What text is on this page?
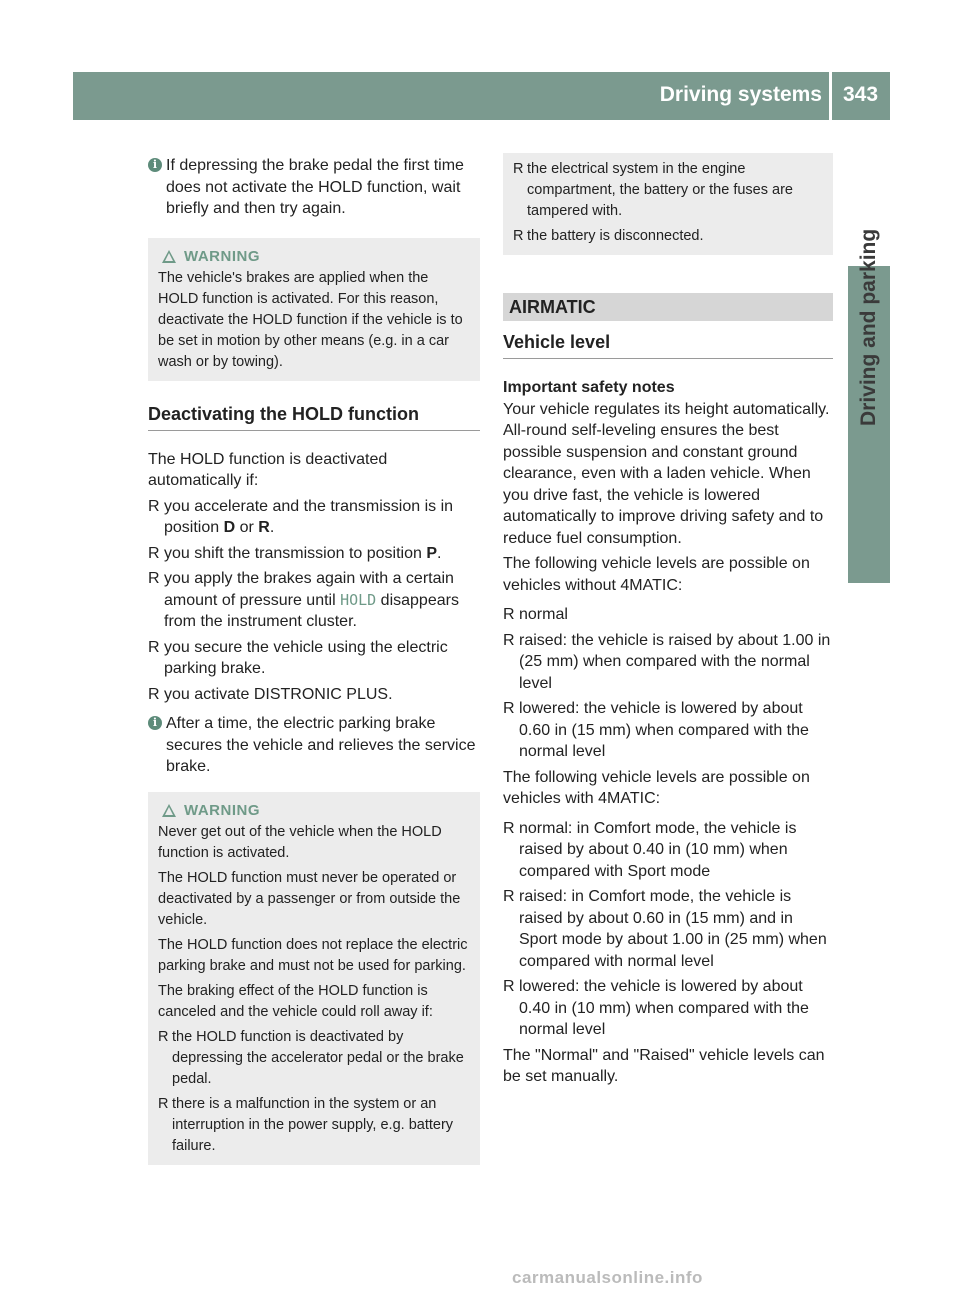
Driving systems 343
Driving and parking

i If depressing the brake pedal the first time does not activate the HOLD function, wait briefly and then try again.

WARNING

The vehicle's brakes are applied when the HOLD function is activated. For this reason, deactivate the HOLD function if the vehicle is to be set in motion by other means (e.g. in a car wash or by towing).

Deactivating the HOLD function

The HOLD function is deactivated automatically if:

R you accelerate and the transmission is in position D or R.

R you shift the transmission to position P.

R you apply the brakes again with a certain amount of pressure until HOLD disappears from the instrument cluster.

R you secure the vehicle using the electric parking brake.

R you activate DISTRONIC PLUS.

i After a time, the electric parking brake secures the vehicle and relieves the service brake.

WARNING

Never get out of the vehicle when the HOLD function is activated.

The HOLD function must never be operated or deactivated by a passenger or from outside the vehicle.

The HOLD function does not replace the electric parking brake and must not be used for parking.

The braking effect of the HOLD function is canceled and the vehicle could roll away if:

R the HOLD function is deactivated by depressing the accelerator pedal or the brake pedal.

R there is a malfunction in the system or an interruption in the power supply, e.g. battery failure.

R the electrical system in the engine compartment, the battery or the fuses are tampered with.

R the battery is disconnected.

AIRMATIC
Vehicle level

Important safety notes

Your vehicle regulates its height automatically. All-round self-leveling ensures the best possible suspension and constant ground clearance, even with a laden vehicle. When you drive fast, the vehicle is lowered automatically to improve driving safety and to reduce fuel consumption.

The following vehicle levels are possible on vehicles without 4MATIC:

R normal

R raised: the vehicle is raised by about 1.00 in (25 mm) when compared with the normal level

R lowered: the vehicle is lowered by about 0.60 in (15 mm) when compared with the normal level

The following vehicle levels are possible on vehicles with 4MATIC:

R normal: in Comfort mode, the vehicle is raised by about 0.40 in (10 mm) when compared with Sport mode

R raised: in Comfort mode, the vehicle is raised by about 0.60 in (15 mm) and in Sport mode by about 1.00 in (25 mm) when compared with normal level

R lowered: the vehicle is lowered by about 0.40 in (10 mm) when compared with the normal level

The "Normal" and "Raised" vehicle levels can be set manually.

carmanualsonline.info
